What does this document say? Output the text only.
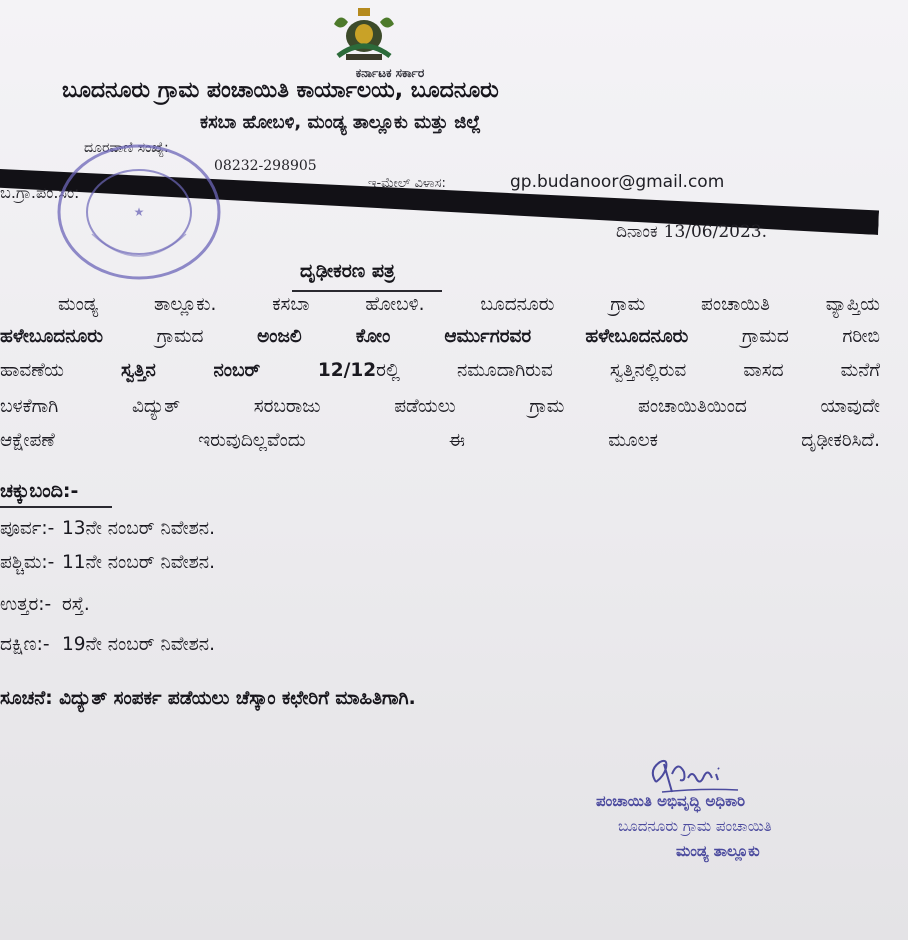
ಕರ್ನಾಟಕ ಸರ್ಕಾರ
ಬೂದನೂರು ಗ್ರಾಮ ಪಂಚಾಯಿತಿ ಕಾರ್ಯಾಲಯ, ಬೂದನೂರು
ಕಸಬಾ ಹೋಬಳಿ, ಮಂಡ್ಯ ತಾಲ್ಲೂಕು ಮತ್ತು ಜಿಲ್ಲೆ
ದೂರವಾಣಿ ಸಂಖ್ಯೆ:
08232-298905
ಇ-ಮೇಲ್ ವಿಳಾಸ:	gp.budanoor@gmail.com
ಬ.ಗ್ರಾ.ಪಂ.ಸಂ:
★
ದಿನಾಂಕ 13/06/2023.
ದೃಢೀಕರಣ ಪತ್ರ
ಮಂಡ್ಯ ತಾಲ್ಲೂಕು. ಕಸಬಾ ಹೋಬಳಿ. ಬೂದನೂರು ಗ್ರಾಮ ಪಂಚಾಯಿತಿ ವ್ಯಾಪ್ತಿಯ
ಹಳೇಬೂದನೂರು	ಗ್ರಾಮದ	ಅಂಜಲಿ ಕೋಂ ಆರ್ಮುಗರವರ ಹಳೇಬೂದನೂರು	ಗ್ರಾಮದ ಗರೀಬಿ
ಹಾವಣೆಯ	ಸ್ವತ್ತಿನ ನಂಬರ್ 12/12ರಲ್ಲಿ ನಮೂದಾಗಿರುವ ಸ್ವತ್ತಿನಲ್ಲಿರುವ ವಾಸದ ಮನೆಗೆ
ಬಳಕೆಗಾಗಿ ವಿದ್ಯುತ್ ಸರಬರಾಜು ಪಡೆಯಲು ಗ್ರಾಮ ಪಂಚಾಯಿತಿಯಿಂದ ಯಾವುದೇ
ಆಕ್ಷೇಪಣೆ ಇರುವುದಿಲ್ಲವೆಂದು ಈ ಮೂಲಕ ದೃಢೀಕರಿಸಿದೆ.
ಚಕ್ಕುಬಂದಿ:-
ಪೂರ್ವ:- 13ನೇ ನಂಬರ್ ನಿವೇಶನ.
ಪಶ್ಚಿಮ:- 11ನೇ ನಂಬರ್ ನಿವೇಶನ.
ಉತ್ತರ:- ರಸ್ತೆ.
ದಕ್ಷಿಣ:- 19ನೇ ನಂಬರ್ ನಿವೇಶನ.
ಸೂಚನೆ: ವಿದ್ಯುತ್ ಸಂಪರ್ಕ ಪಡೆಯಲು ಚೆಸ್ಕಾಂ ಕಛೇರಿಗೆ ಮಾಹಿತಿಗಾಗಿ.
ಪಂಚಾಯಿತಿ ಅಭಿವೃದ್ಧಿ ಅಧಿಕಾರಿ
ಬೂದನೂರು ಗ್ರಾಮ ಪಂಚಾಯಿತಿ
ಮಂಡ್ಯ ತಾಲ್ಲೂಕು
